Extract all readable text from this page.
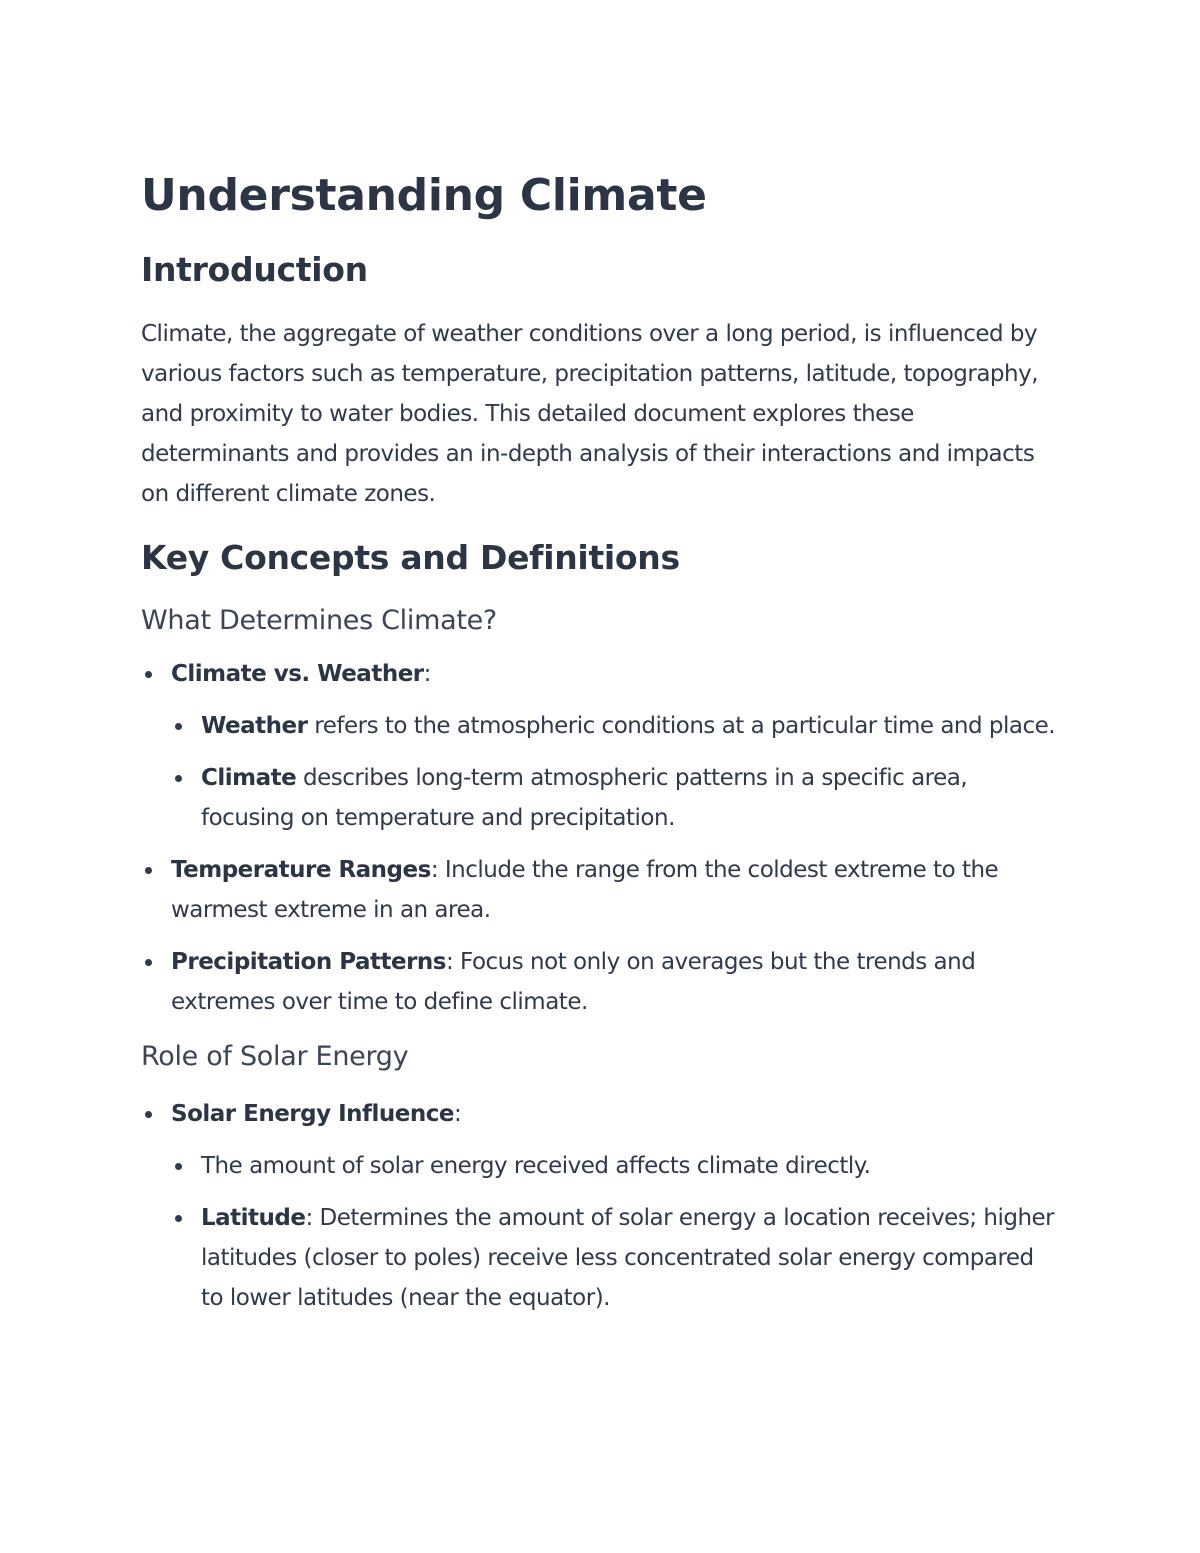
Understanding Climate
Introduction

Climate, the aggregate of weather conditions over a long period, is influenced by various factors such as temperature, precipitation patterns, latitude, topography, and proximity to water bodies. This detailed document explores these determinants and provides an in-depth analysis of their interactions and impacts on different climate zones.

Key Concepts and Definitions
What Determines Climate?
Climate vs. Weather:
Weather refers to the atmospheric conditions at a particular time and place.
Climate describes long-term atmospheric patterns in a specific area, focusing on temperature and precipitation.
Temperature Ranges: Include the range from the coldest extreme to the warmest extreme in an area.
Precipitation Patterns: Focus not only on averages but the trends and extremes over time to define climate.
Role of Solar Energy
Solar Energy Influence:
The amount of solar energy received affects climate directly.
Latitude: Determines the amount of solar energy a location receives; higher latitudes (closer to poles) receive less concentrated solar energy compared to lower latitudes (near the equator).
